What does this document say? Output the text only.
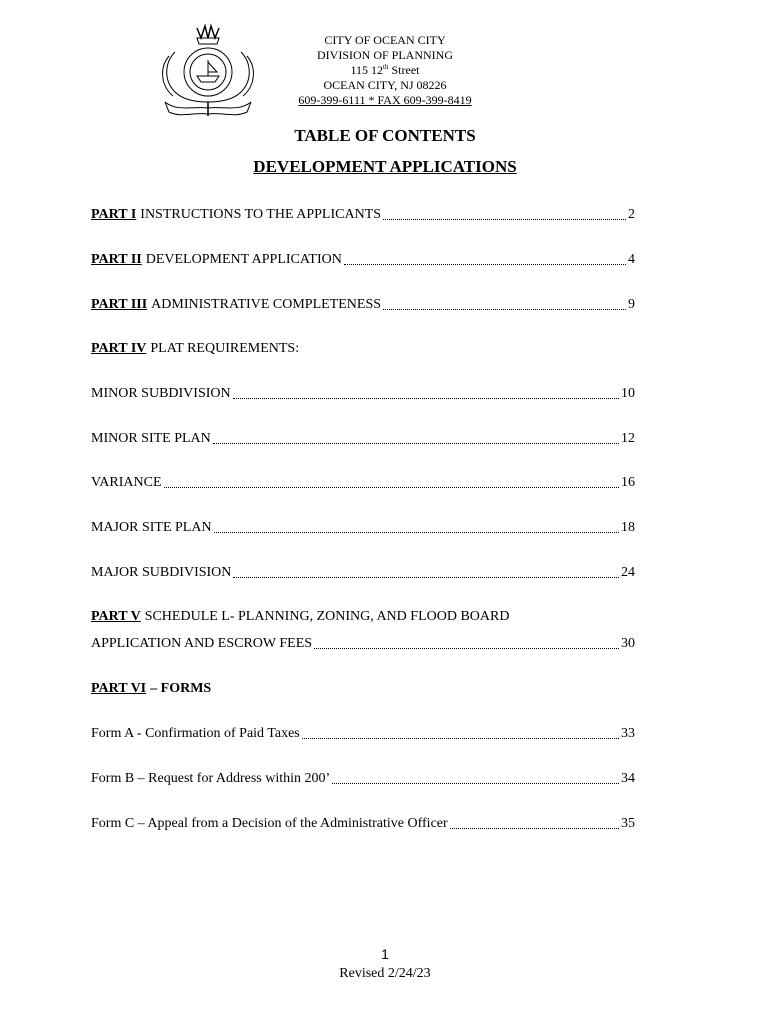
CITY OF OCEAN CITY
DIVISION OF PLANNING
115 12th Street
OCEAN CITY, NJ 08226
609-399-6111 * FAX 609-399-8419
TABLE OF CONTENTS
DEVELOPMENT APPLICATIONS
PART I INSTRUCTIONS TO THE APPLICANTS	2
PART II DEVELOPMENT APPLICATION	4
PART III ADMINISTRATIVE COMPLETENESS	9
PART IV PLAT REQUIREMENTS:
MINOR SUBDIVISION	10
MINOR SITE PLAN	12
VARIANCE	16
MAJOR SITE PLAN	18
MAJOR SUBDIVISION	24
PART V SCHEDULE L- PLANNING, ZONING, AND FLOOD BOARD
APPLICATION AND ESCROW FEES	30
PART VI – FORMS
Form A - Confirmation of Paid Taxes	33
Form B – Request for Address within 200’	34
Form C – Appeal from a Decision of the Administrative Officer	35
1
Revised 2/24/23
